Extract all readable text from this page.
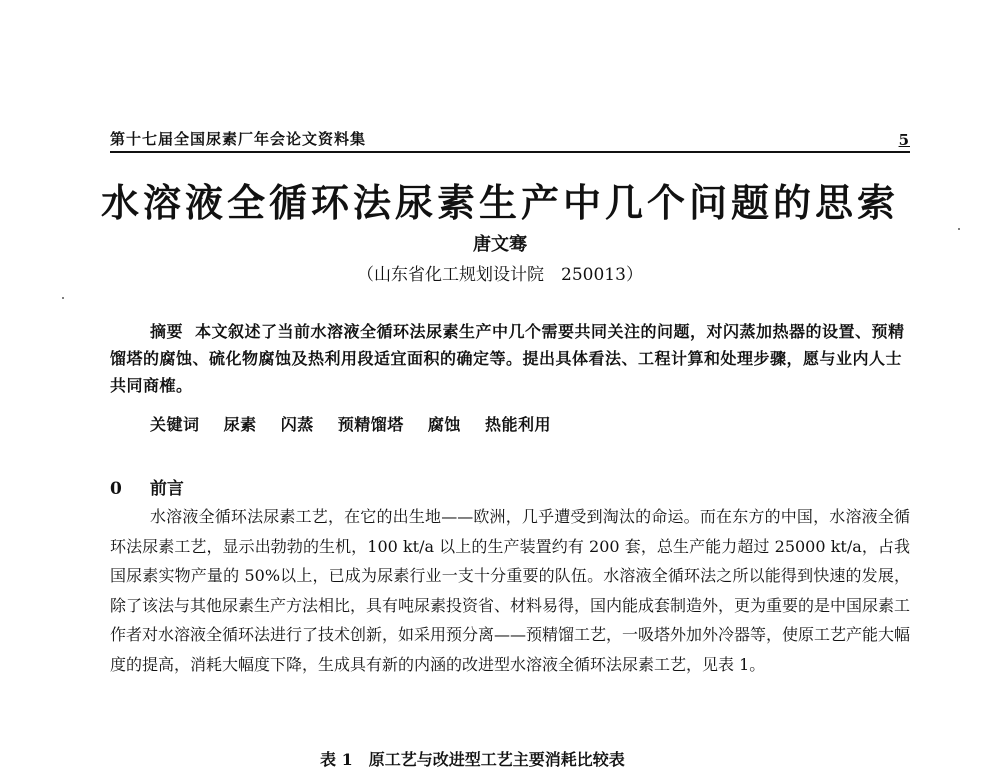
第十七届全国尿素厂年会论文资料集	5
水溶液全循环法尿素生产中几个问题的思索
唐文骞
（山东省化工规划设计院　250013）
摘要 本文叙述了当前水溶液全循环法尿素生产中几个需要共同关注的问题，对闪蒸加热器的设置、预精馏塔的腐蚀、硫化物腐蚀及热利用段适宜面积的确定等。提出具体看法、工程计算和处理步骤，愿与业内人士共同商榷。
关键词 尿素 闪蒸 预精馏塔 腐蚀 热能利用
0 前言
水溶液全循环法尿素工艺，在它的出生地——欧洲，几乎遭受到淘汰的命运。而在东方的中国，水溶液全循环法尿素工艺，显示出勃勃的生机，100 kt/a 以上的生产装置约有 200 套，总生产能力超过 25000 kt/a，占我国尿素实物产量的 50%以上，已成为尿素行业一支十分重要的队伍。水溶液全循环法之所以能得到快速的发展，除了该法与其他尿素生产方法相比，具有吨尿素投资省、材料易得，国内能成套制造外，更为重要的是中国尿素工作者对水溶液全循环法进行了技术创新，如采用预分离——预精馏工艺，一吸塔外加外冷器等，使原工艺产能大幅度的提高，消耗大幅度下降，生成具有新的内涵的改进型水溶液全循环法尿素工艺，见表 1。
表 1　原工艺与改进型工艺主要消耗比较表
